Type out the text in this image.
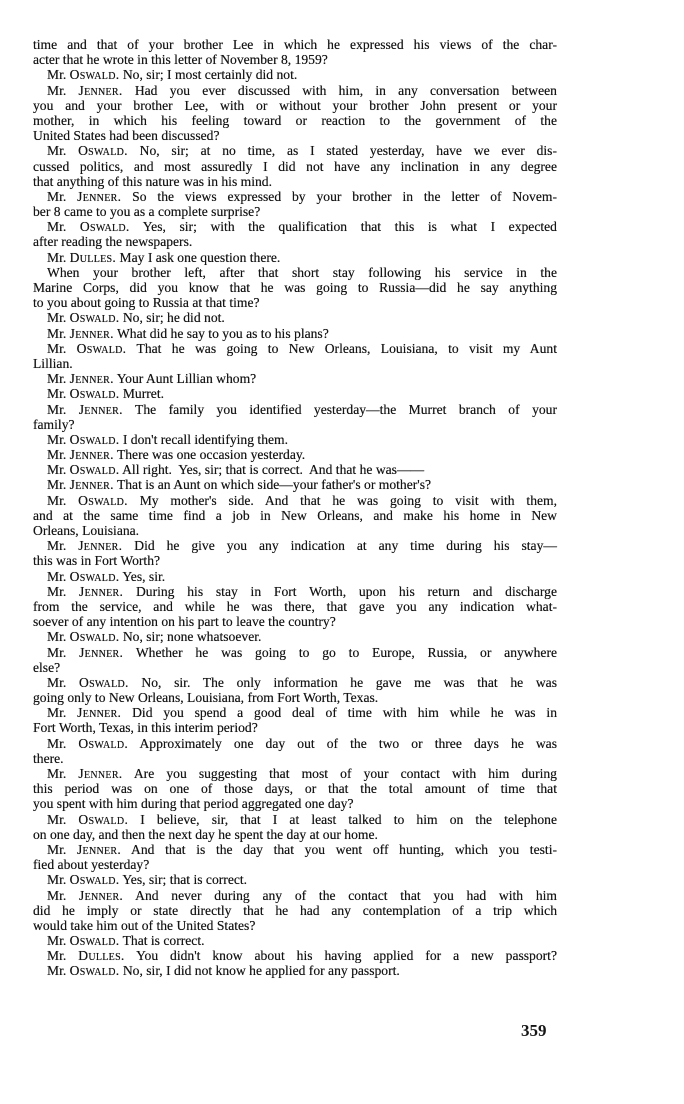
time and that of your brother Lee in which he expressed his views of the char-
acter that he wrote in this letter of November 8, 1959?
Mr. Oswald. No, sir; I most certainly did not.
Mr. Jenner. Had you ever discussed with him, in any conversation between
you and your brother Lee, with or without your brother John present or your
mother, in which his feeling toward or reaction to the government of the
United States had been discussed?
Mr. Oswald. No, sir; at no time, as I stated yesterday, have we ever dis-
cussed politics, and most assuredly I did not have any inclination in any degree
that anything of this nature was in his mind.
Mr. Jenner. So the views expressed by your brother in the letter of Novem-
ber 8 came to you as a complete surprise?
Mr. Oswald. Yes, sir; with the qualification that this is what I expected
after reading the newspapers.
Mr. Dulles. May I ask one question there.
When your brother left, after that short stay following his service in the
Marine Corps, did you know that he was going to Russia—did he say anything
to you about going to Russia at that time?
Mr. Oswald. No, sir; he did not.
Mr. Jenner. What did he say to you as to his plans?
Mr. Oswald. That he was going to New Orleans, Louisiana, to visit my Aunt
Lillian.
Mr. Jenner. Your Aunt Lillian whom?
Mr. Oswald. Murret.
Mr. Jenner. The family you identified yesterday—the Murret branch of your
family?
Mr. Oswald. I don't recall identifying them.
Mr. Jenner. There was one occasion yesterday.
Mr. Oswald. All right.  Yes, sir; that is correct.  And that he was——
Mr. Jenner. That is an Aunt on which side—your father's or mother's?
Mr. Oswald. My mother's side. And that he was going to visit with them,
and at the same time find a job in New Orleans, and make his home in New
Orleans, Louisiana.
Mr. Jenner. Did he give you any indication at any time during his stay—
this was in Fort Worth?
Mr. Oswald. Yes, sir.
Mr. Jenner. During his stay in Fort Worth, upon his return and discharge
from the service, and while he was there, that gave you any indication what-
soever of any intention on his part to leave the country?
Mr. Oswald. No, sir; none whatsoever.
Mr. Jenner. Whether he was going to go to Europe, Russia, or anywhere
else?
Mr. Oswald. No, sir. The only information he gave me was that he was
going only to New Orleans, Louisiana, from Fort Worth, Texas.
Mr. Jenner. Did you spend a good deal of time with him while he was in
Fort Worth, Texas, in this interim period?
Mr. Oswald. Approximately one day out of the two or three days he was
there.
Mr. Jenner. Are you suggesting that most of your contact with him during
this period was on one of those days, or that the total amount of time that
you spent with him during that period aggregated one day?
Mr. Oswald. I believe, sir, that I at least talked to him on the telephone
on one day, and then the next day he spent the day at our home.
Mr. Jenner. And that is the day that you went off hunting, which you testi-
fied about yesterday?
Mr. Oswald. Yes, sir; that is correct.
Mr. Jenner. And never during any of the contact that you had with him
did he imply or state directly that he had any contemplation of a trip which
would take him out of the United States?
Mr. Oswald. That is correct.
Mr. Dulles. You didn't know about his having applied for a new passport?
Mr. Oswald. No, sir, I did not know he applied for any passport.
359
